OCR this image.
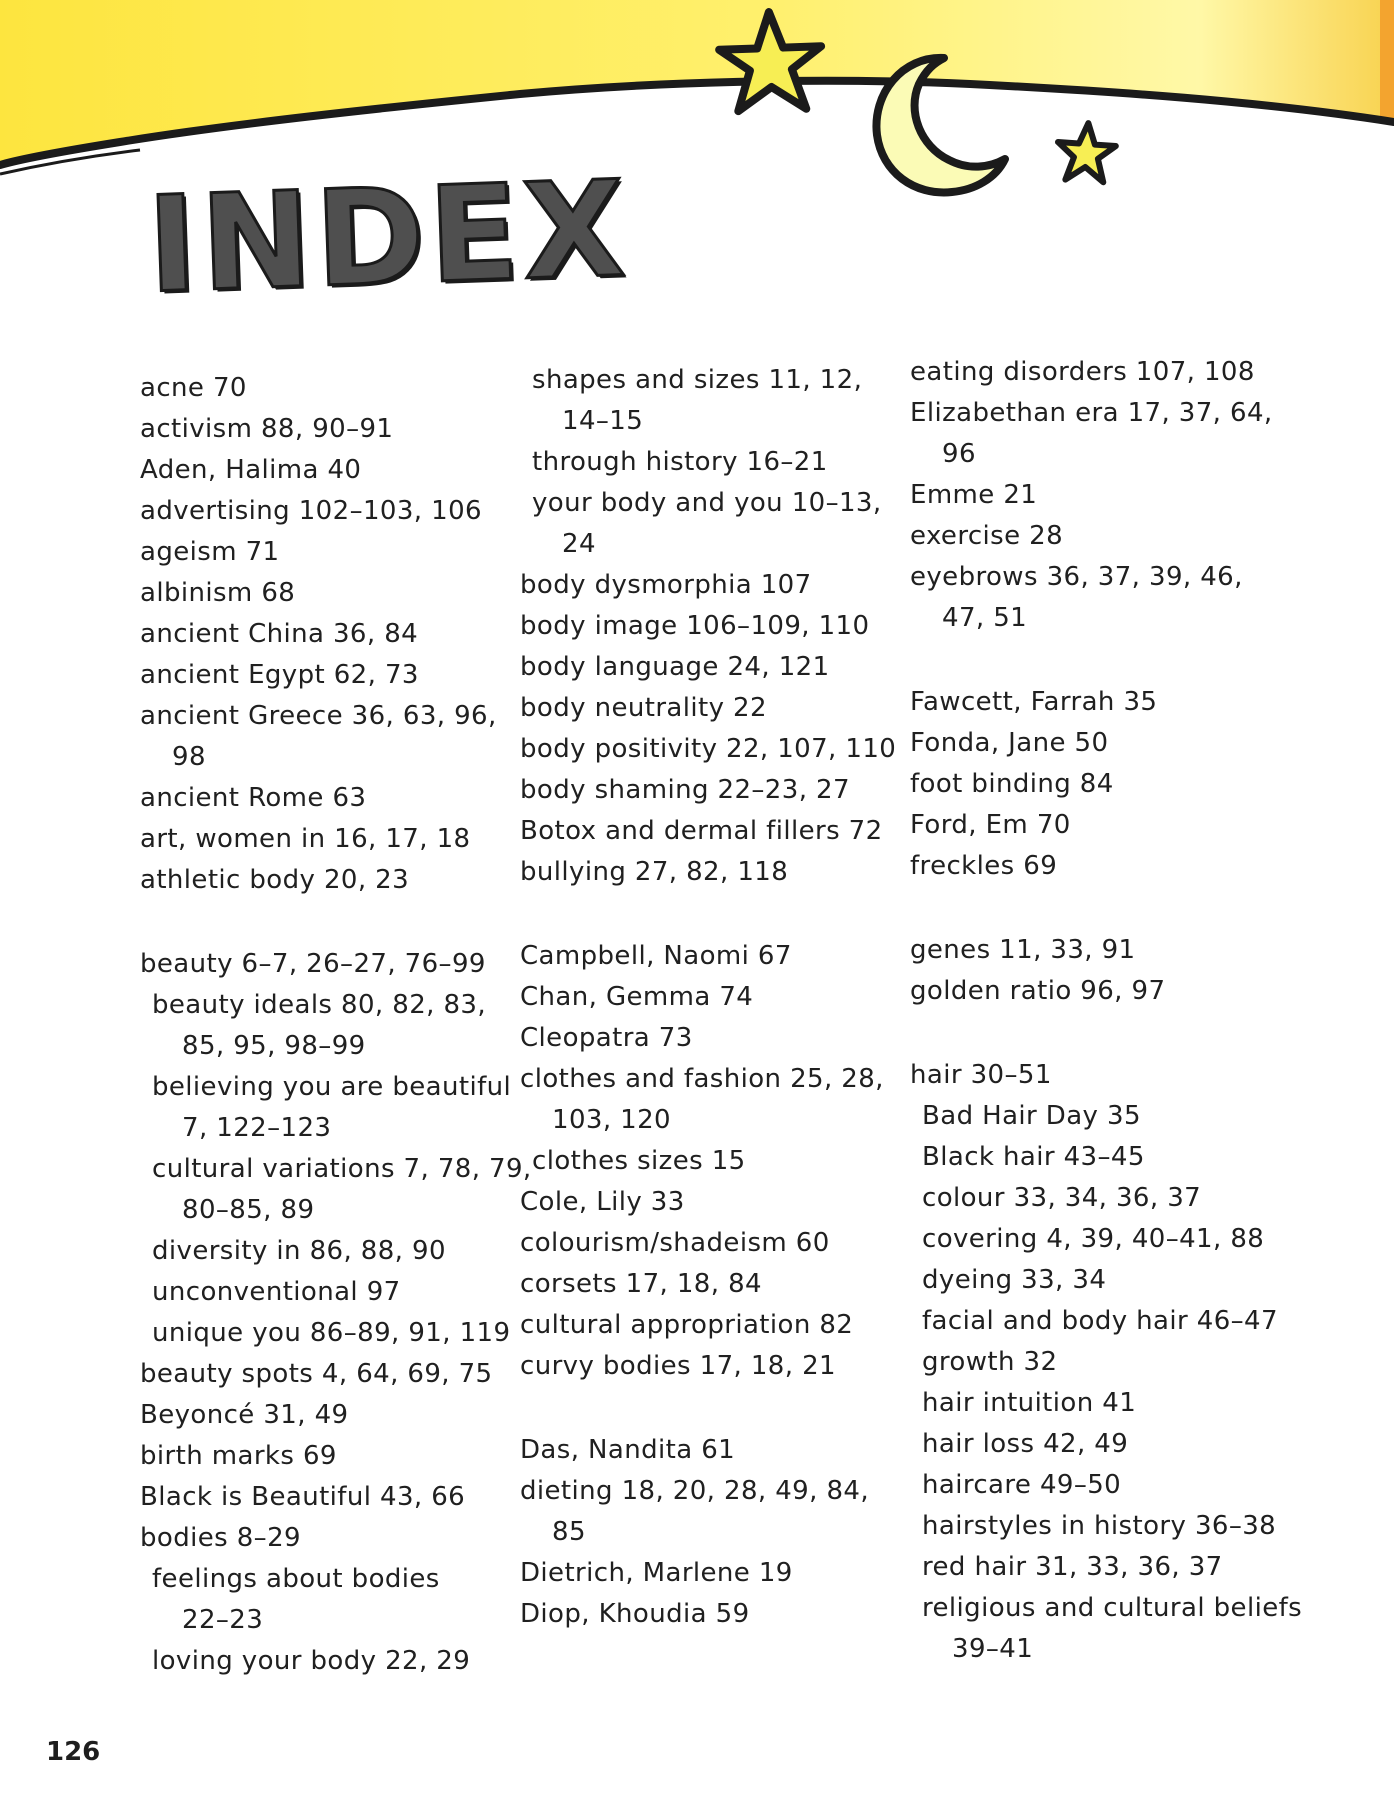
INDEX
acne 70
activism 88, 90–91
Aden, Halima 40
advertising 102–103, 106
ageism 71
albinism 68
ancient China 36, 84
ancient Egypt 62, 73
ancient Greece 36, 63, 96,
98
ancient Rome 63
art, women in 16, 17, 18
athletic body 20, 23
beauty 6–7, 26–27, 76–99
beauty ideals 80, 82, 83,
85, 95, 98–99
believing you are beautiful
7, 122–123
cultural variations 7, 78, 79,
80–85, 89
diversity in 86, 88, 90
unconventional 97
unique you 86–89, 91, 119
beauty spots 4, 64, 69, 75
Beyoncé 31, 49
birth marks 69
Black is Beautiful 43, 66
bodies 8–29
feelings about bodies
22–23
loving your body 22, 29
shapes and sizes 11, 12,
14–15
through history 16–21
your body and you 10–13,
24
body dysmorphia 107
body image 106–109, 110
body language 24, 121
body neutrality 22
body positivity 22, 107, 110
body shaming 22–23, 27
Botox and dermal fillers 72
bullying 27, 82, 118
Campbell, Naomi 67
Chan, Gemma 74
Cleopatra 73
clothes and fashion 25, 28,
103, 120
clothes sizes 15
Cole, Lily 33
colourism/shadeism 60
corsets 17, 18, 84
cultural appropriation 82
curvy bodies 17, 18, 21
Das, Nandita 61
dieting 18, 20, 28, 49, 84,
85
Dietrich, Marlene 19
Diop, Khoudia 59
eating disorders 107, 108
Elizabethan era 17, 37, 64,
96
Emme 21
exercise 28
eyebrows 36, 37, 39, 46,
47, 51
Fawcett, Farrah 35
Fonda, Jane 50
foot binding 84
Ford, Em 70
freckles 69
genes 11, 33, 91
golden ratio 96, 97
hair 30–51
Bad Hair Day 35
Black hair 43–45
colour 33, 34, 36, 37
covering 4, 39, 40–41, 88
dyeing 33, 34
facial and body hair 46–47
growth 32
hair intuition 41
hair loss 42, 49
haircare 49–50
hairstyles in history 36–38
red hair 31, 33, 36, 37
religious and cultural beliefs
39–41
126
